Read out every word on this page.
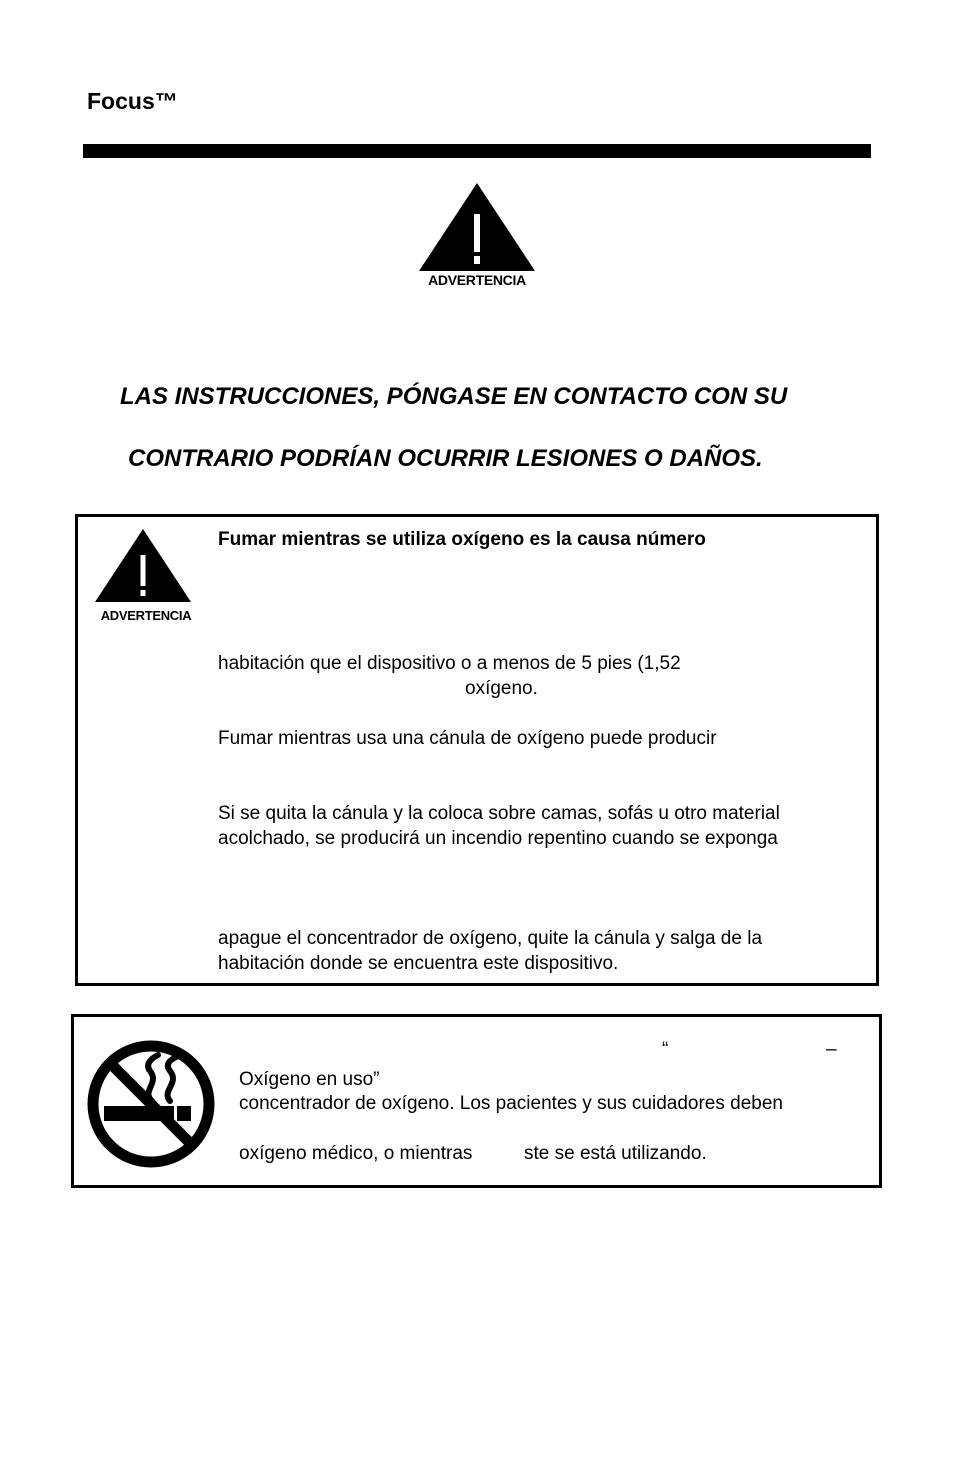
Focus™
ADVERTENCIA
LAS INSTRUCCIONES, PÓNGASE EN CONTACTO CON SU
CONTRARIO PODRÍAN OCURRIR LESIONES O DAÑOS.
ADVERTENCIA
Fumar mientras se utiliza oxígeno es la causa número
habitación que el dispositivo o a menos de 5 pies (1,52
oxígeno.
Fumar mientras usa una cánula de oxígeno puede producir
Si se quita la cánula y la coloca sobre camas, sofás u otro material
acolchado, se producirá un incendio repentino cuando se exponga
apague el concentrador de oxígeno, quite la cánula y salga de la
habitación donde se encuentra este dispositivo.
“	–
Oxígeno en uso”
concentrador de oxígeno. Los pacientes y sus cuidadores deben
oxígeno médico, o mientras	ste se está utilizando.
